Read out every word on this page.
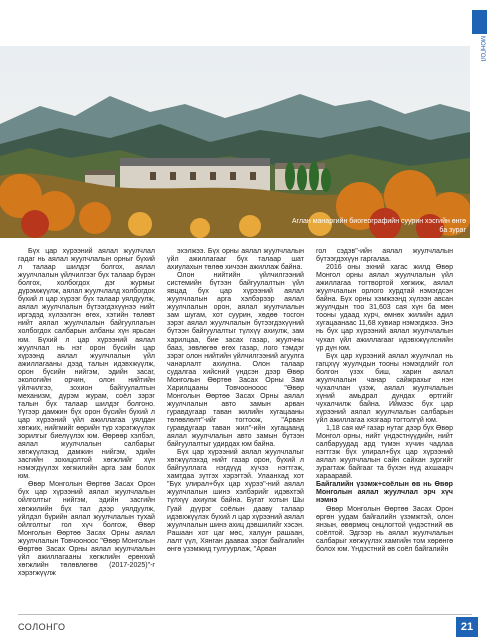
Аглан манаргийн биогеографийн суурин хэсгийн өнгө ба зураг
МОНГОЛ

Бүх цар хүрээний аялал жуулчлал гадаг нь аялал жуулчлалын орныг бүхий л талаар шилдэг болгох, аялал жуулчлалын үйлчилгээг бүх талаар бүрэн болгох, холбогдох дэг журмыг дүрэмжүүлж, аялал жуулчлалд холбогдох бүхий л цар хүрээг бүх талаар уялдуулж, аялал жуулчлалын бүтээгдэхүүнээ нийт иргэдэд хүлээлгэн өгөх, хэтийн төлөвт нийт аялал жуулчлалын байгууллагын холбогдох салбарын албаны хүн ярьсан юм. Бүхий л цар хүрээний аялал жуулчлал нь нэг орон бүсийн цар хүрээнд аялал жуулчлалын үйл ажиллагааны дээд талын идэвхжүүлж, орон бүсийн нийгэм, эдийн засаг, экологийн орчин, олон нийтийн үйлчилгээ, зохион байгуулалтын механизм, дүрэм журам, соёл зэрэг талын бүх талаар шилдэг болгоно. Үүгээр дамжин бүх орон бүсийн бүхий л цар хүрээний үйл ажиллагаа уялдан хөгжих, нийгмийг өөрийн түр хэрэгжүүлэх зорилгыг биелүүлэх юм. Өөрөөр хэлбэл, аялал жуулчлалын салбарыг хөгжүүлэхэд дамжин нийгэм, эдийн засгийн зохицолтой хөгжлийг хүн нэмэгдүүлэх хөгжилийн арга зам болох юм.

Өвөр Монголын Өөртөө Засах Орон бүх цар хүрээний аялал жуулчлалын ойлголтыг нийгэм, эдийн засгийн хөгжилийн бүх тал дээр уялдуулж, уйлдэл бүрийн аялал жуулчлалын тухай ойлголтыг гол хүч болгож, Өвөр Монголын Өөртөө Засах Орны аялал жуулчлалын Товчооноос "Өвөр Монголын Өөртөө Засах Орны аялал жуулчлалын үйл ажиллагааны хөгжлийн ерөнхий хөгжлийн төлөвлөгөө (2017-2025)"-г хэрэгжүүлж

эхэлжээ. Бүх орны аялал жуулчлалын үйл ажиллагааг бүх талаар шат ахиулахын төлөө хичээн ажиллаж байна.

Олон нийтийн үйлчилгээний системийн бүтээн байгуулалтын үйл явцад бүх цар хүрээний аялал жуулчлалын арга хэлбэрээр аялал жуулчлалын орон, аялал жуулчлалын зам шугам, хот суурин, хөдөө тосгон зэрэг аялал жуулчлалын бүтээгдэхүүний бүтээн байгуулалтыг түлхүү ахиулж, зам харилцаа, бие засах газар, жуулчны бааз, зөвлөгөө өгөх газар, лого тэмдэг зэрэг олон нийтийн үйлчилгээний агуулга чанарлалт ахиулна. Олон талаар судалгаа хийсний үндсэн дээр Өвөр Монголын Өөртөө Засах Орны Зам Харилцааны Товчоонооос "Өвөр Монголын Өөртөө Засах Орны аялал жуулчлалын авто замын арван гуравдугаар таван жилийн хугацааны төлөвлөлт"-ийг тогтоож, "Арван гуравдугаар таван жил"-ийн хугацаанд аялал жуулчлалын авто замын бүтээн байгуулалтыг удирдах юм байна.

Бүх цар хүрээний аялал жуулчлалыг хөгжүүлэхэд нийт газар орон, бүхий л байгууллага нэгдүүд хүчээ нэгтгэж, хамтдаа зүтгэх хэрэгтэй. Улаанхад хот "Бүх улирал+бүх цар хүрээ"-ний аялал жуулчлалын шинэ хэлбэрийг идэвхтэй түлхүү ахиулж байна. Бугат хотын Шы Гуай дүүрэг соёлын дааву талаар идэвхжүүлэх бүхий л цар хүрээний аялал жуулчлалын шинэ ахиц дэвшилийг хэсэн. Рашаан хот цаг мөс, халуун рашаан, лалт үүл, Хянган дааваа зэрэг байгалийн өнгө үзэмжид тулгуурлаж, "Арван

гол сэдэв"-ийн аялал жуулчлалын бүтээгдэхүүн гаргалаа.

2016 оны эхний хагас жилд Өвөр Монгол орны аялал жуулчлалын үйл ажиллагаа тогтвортой хөгжиж, аялал жуулчлалын орлого хурдтай нэмэгдсэн байна. Бүх орны хэмжээнд хүлээн авсан жуулчдын тоо 31,603 сая хүн ба мөн тооны удаад хүрч, өмнөх жилийн адил хугацаанаас 11,68 хувиар нэмэгджээ. Энэ нь бүх цар хүрээний аялал жуулчлалын чухал үйл ажиллагааг идэвхжүүлснийн үр дүн юм.

Бүх цар хүрээний аялал жуулчлал нь гагцхүү жуулчдын тооны нэмэгдлийг гол болгон үзэх биш, харин аялал жуулчлалын чанар сайжрахыг нэн чухалчлан үзэж, аялал жуулчлалын хүний амьдрал дундах өртгийг чухалчилж байна. Иймээс бүх цар хүрээний аялал жуулчлалын салбарын үйл ажиллагаа хязгаар тогтолгүй юм.

1,18 сая км² газар нутаг дээр бүх Өвөр Монгол орны, нийт үндэстнүүдийн, нийт салбаруудад ард түмэн хүчин чадлаа нэгтгэж бүх улирал+бүх цар хүрээний аялал жуулчлалын сайн сайхан зургийг зурагтаж байгааг та бүхэн нүд ахшаарч харааравй.

Байгалийн үзэмж+соёлын өв нь Өвөр Монголын аялал жуулчлал эрч хүч нэмнэ

Өвөр Монголын Өөртөө Засах Орон өргөн уудам байгалийн үзэмжтэй, олон янзын, өвөрмөц онцлогтой үндэстний өв соёлтой. Эдгээр нь аялал жуулчлалын салбарыг хөгжүүлэх хамгийн том хөрөнгө болох юм. Үндэстний өв соёл байгалийн

СОЛОНГО	21
